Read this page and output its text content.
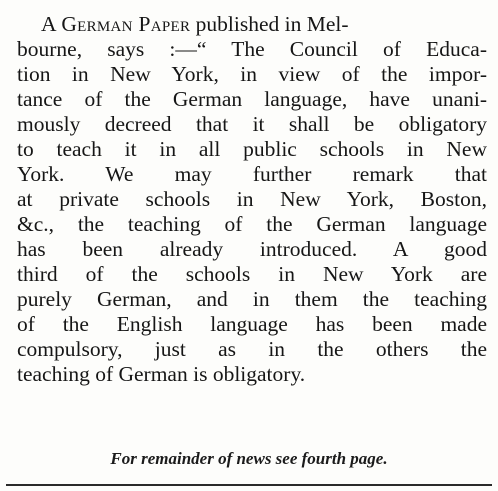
A German Paper published in Mel-
bourne, says :—“ The Council of Educa-
tion in New York, in view of the impor-
tance of the German language, have unani-
mously decreed that it shall be obligatory
to teach it in all public schools in New
York. We may further remark that
at private schools in New York, Boston,
&c., the teaching of the German language
has been already introduced. A good
third of the schools in New York are
purely German, and in them the teaching
of the English language has been made
compulsory, just as in the others the
teaching of German is obligatory.
For remainder of news see fourth page.
